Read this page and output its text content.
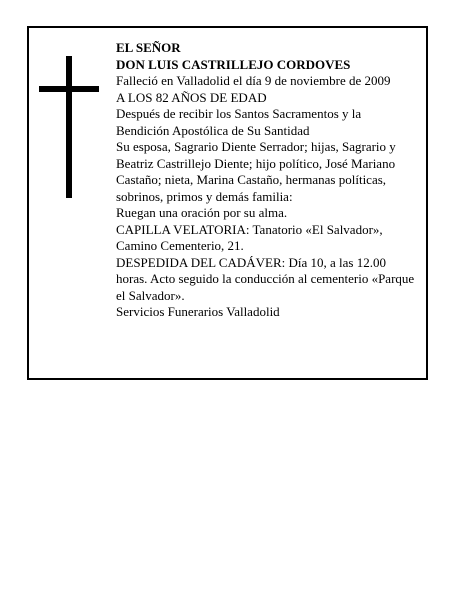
EL SEÑOR
DON LUIS CASTRILLEJO CORDOVES
Falleció en Valladolid el día 9 de noviembre de 2009
A LOS 82 AÑOS DE EDAD
Después de recibir los Santos Sacramentos y la
Bendición Apostólica de Su Santidad
Su esposa, Sagrario Diente Serrador; hijas, Sagrario y
Beatriz Castrillejo Diente; hijo político, José Mariano
Castaño; nieta, Marina Castaño, hermanas políticas,
sobrinos, primos y demás familia:
Ruegan una oración por su alma.
CAPILLA VELATORIA: Tanatorio «El Salvador»,
Camino Cementerio, 21.
DESPEDIDA DEL CADÁVER: Día 10, a las 12.00
horas. Acto seguido la conducción al cementerio «Parque
el Salvador».
Servicios Funerarios Valladolid
